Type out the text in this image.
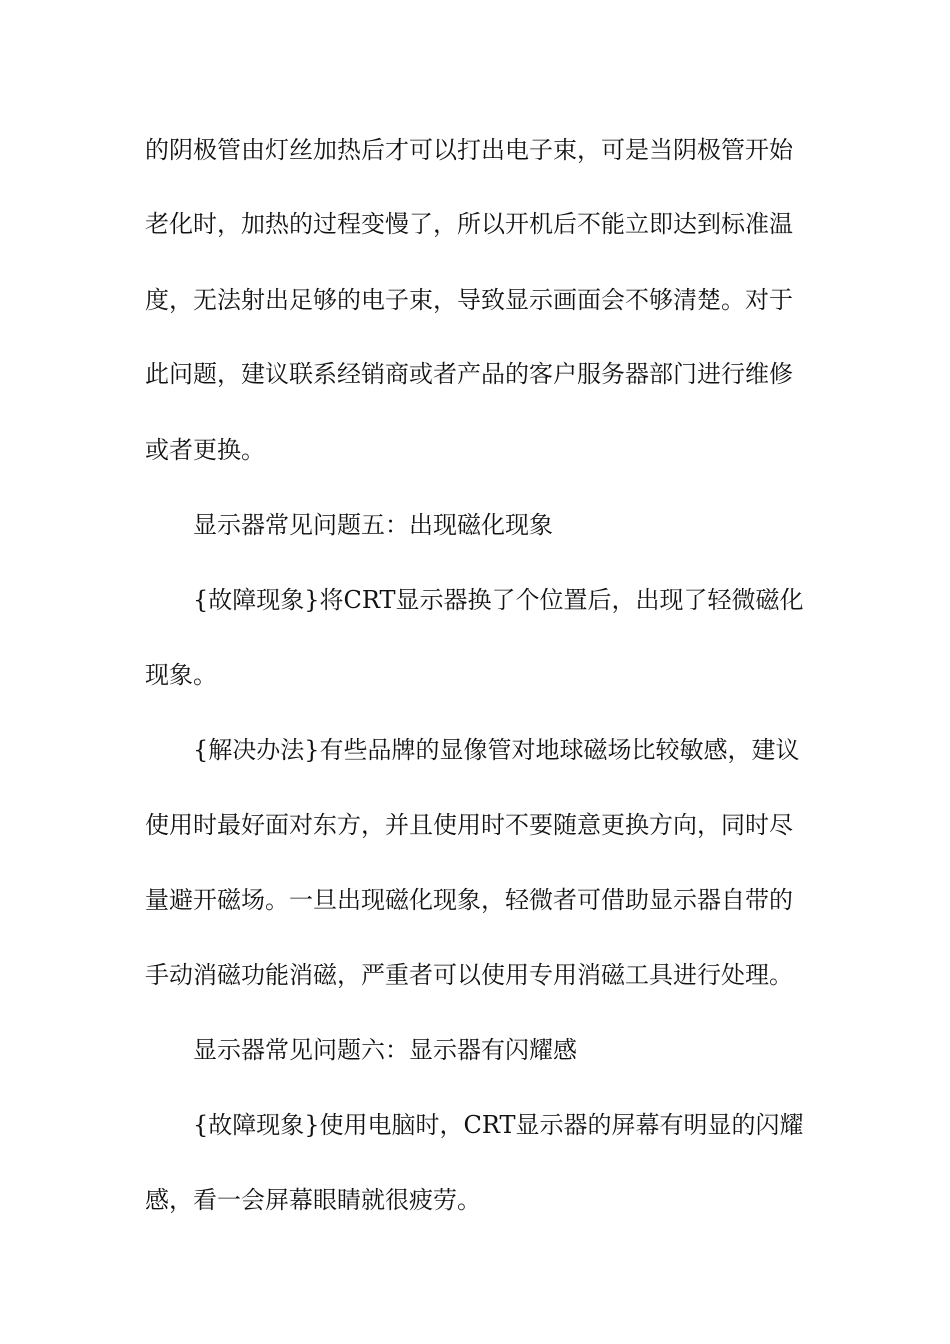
的阴极管由灯丝加热后才可以打出电子束，可是当阴极管开始
老化时，加热的过程变慢了，所以开机后不能立即达到标准温
度，无法射出足够的电子束，导致显示画面会不够清楚。对于
此问题，建议联系经销商或者产品的客户服务器部门进行维修
或者更换。
显示器常见问题五：出现磁化现象
{故障现象}将CRT显示器换了个位置后，出现了轻微磁化
现象。
{解决办法}有些品牌的显像管对地球磁场比较敏感，建议
使用时最好面对东方，并且使用时不要随意更换方向，同时尽
量避开磁场。一旦出现磁化现象，轻微者可借助显示器自带的
手动消磁功能消磁，严重者可以使用专用消磁工具进行处理。
显示器常见问题六：显示器有闪耀感
{故障现象}使用电脑时，CRT显示器的屏幕有明显的闪耀
感，看一会屏幕眼睛就很疲劳。
